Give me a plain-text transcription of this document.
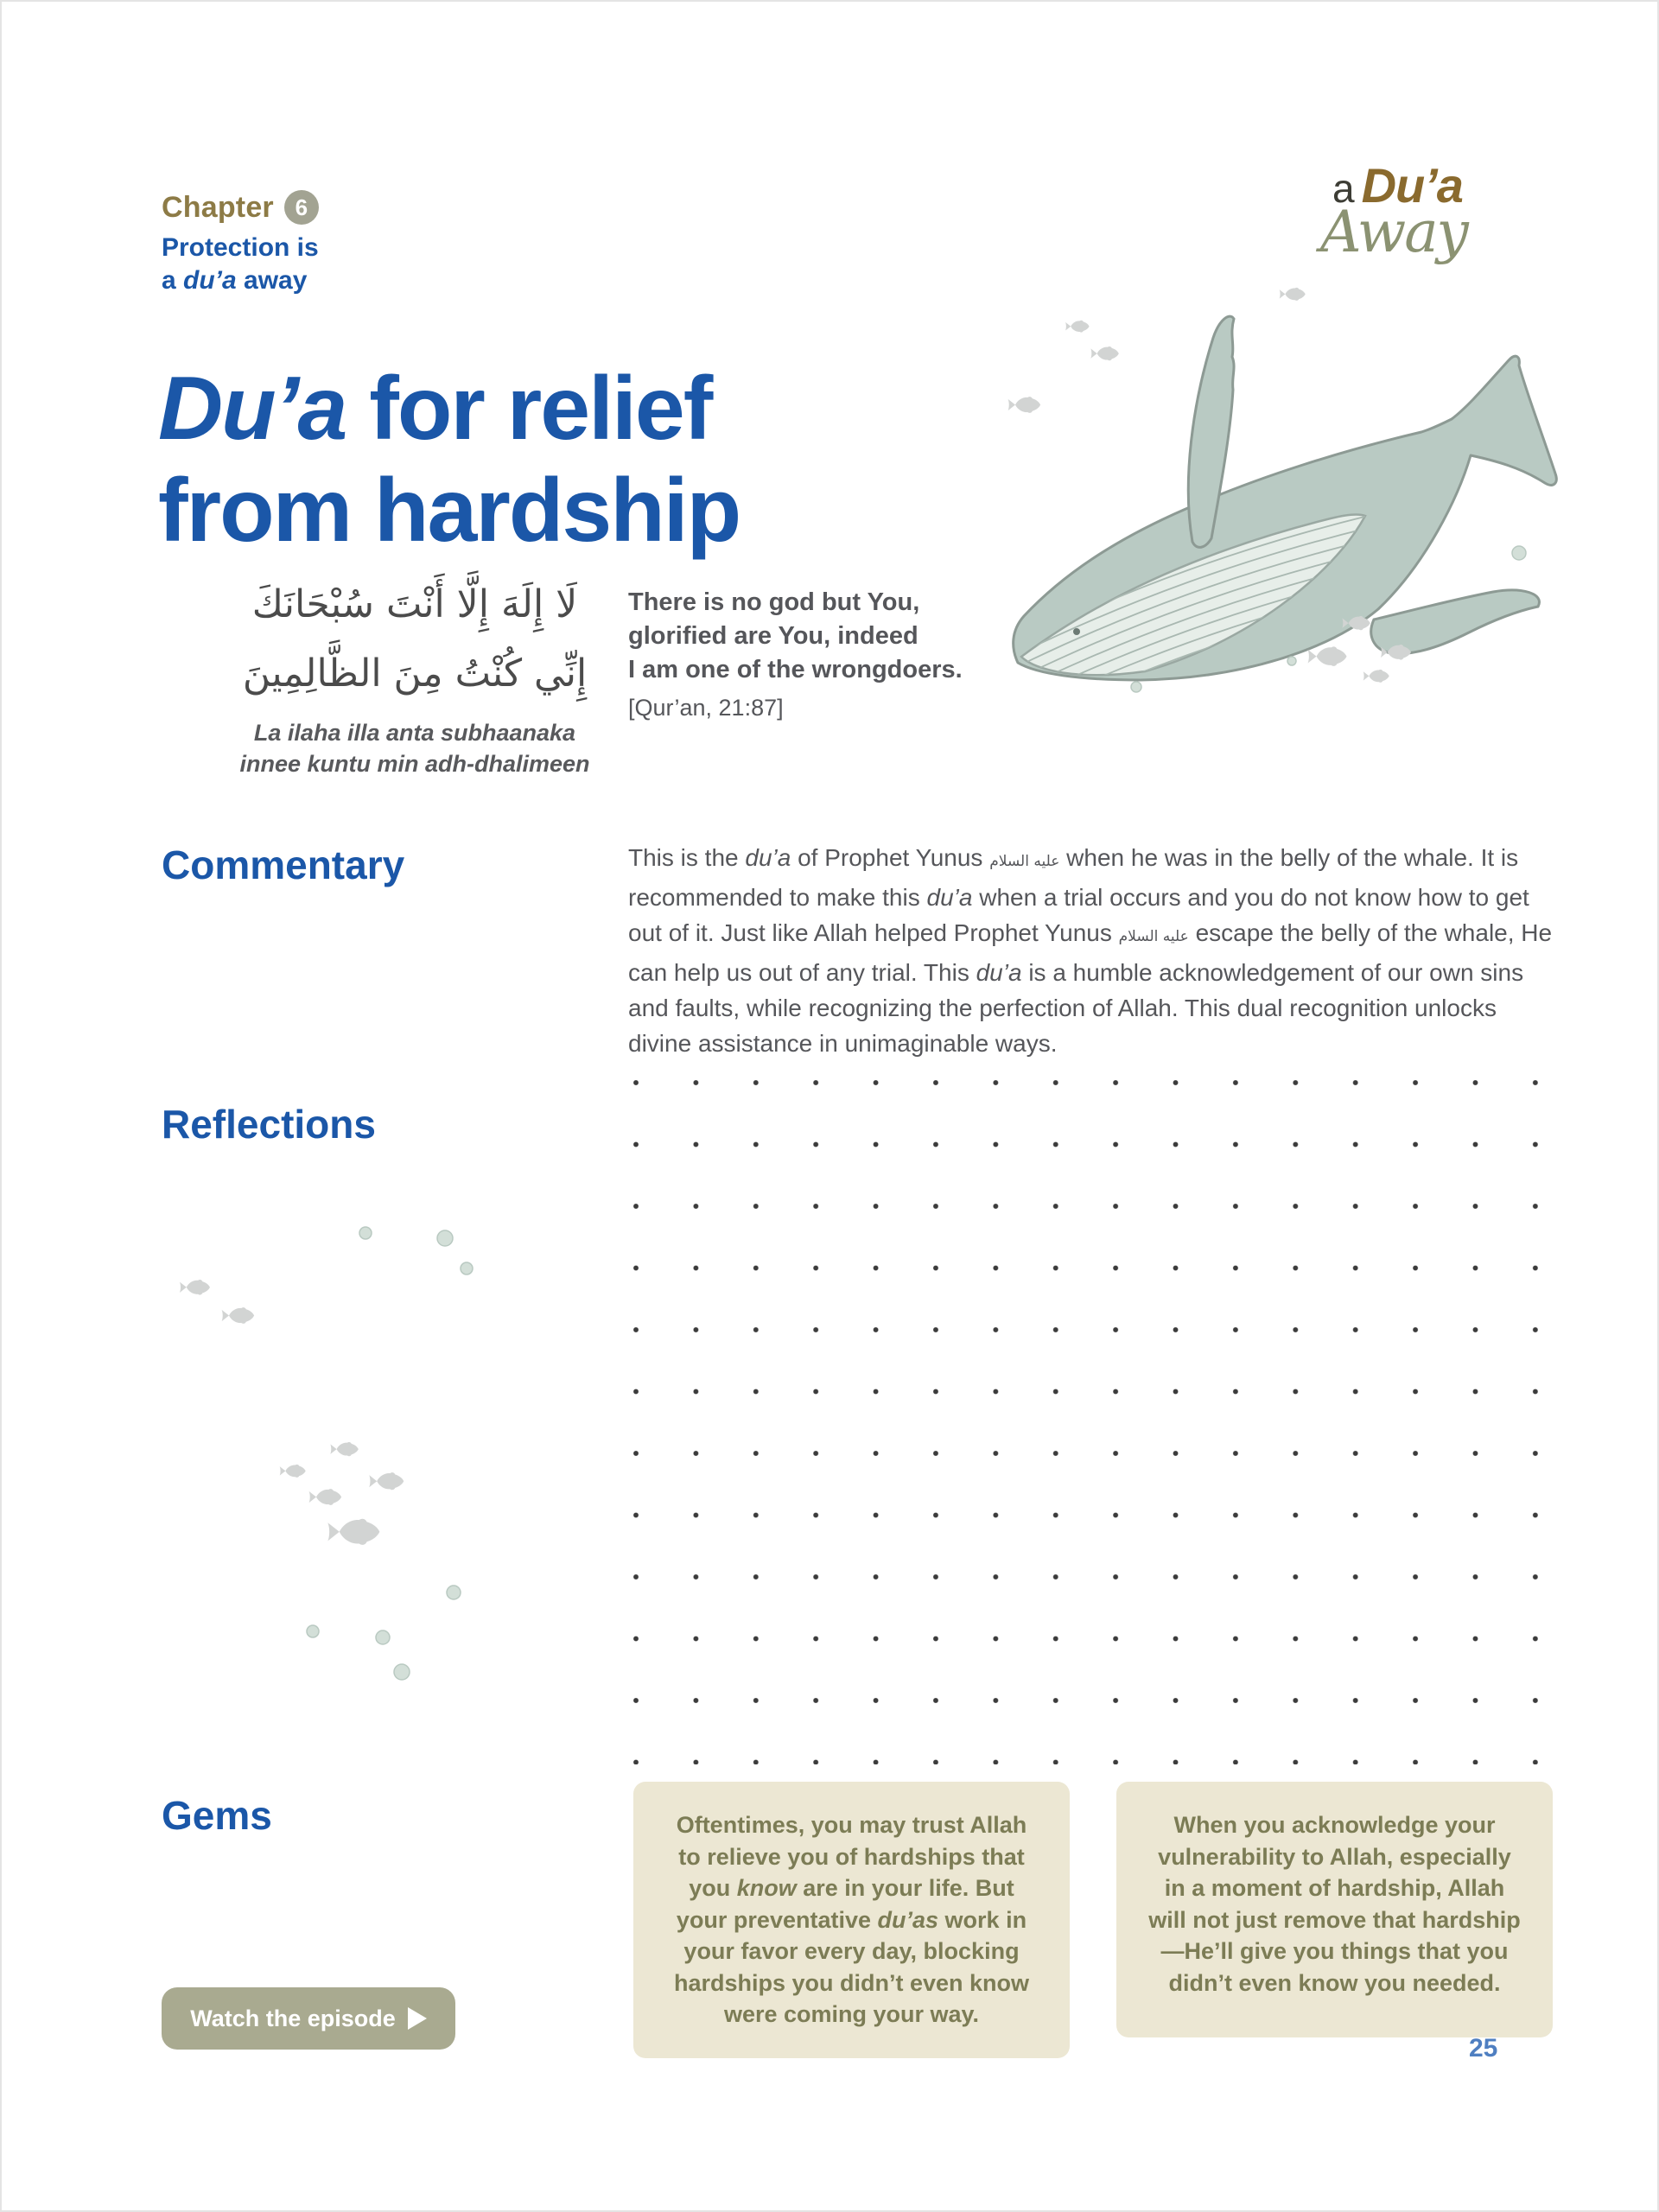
Chapter 6
Protection is
a du’a away
a Du’a
Away
Du’a for relief
from hardship
لَا إِلَهَ إِلَّا أَنْتَ سُبْحَانَكَ
إِنِّي كُنْتُ مِنَ الظَّالِمِينَ
La ilaha illa anta subhaanaka
innee kuntu min adh-dhalimeen
There is no god but You,
glorified are You, indeed
I am one of the wrongdoers.
[Qur’an, 21:87]
Commentary	This is the du’a of Prophet Yunus عليه السلام when he was in the belly of the whale. It is recommended to make this du’a when a trial occurs and you do not know how to get out of it. Just like Allah helped Prophet Yunus عليه السلام escape the belly of the whale, He can help us out of any trial. This du’a is a humble acknowledgement of our own sins and faults, while recognizing the perfection of Allah. This dual recognition unlocks divine assistance in unimaginable ways.

Reflections
Gems	Oftentimes, you may trust Allah to relieve you of hardships that you know are in your life. But your preventative du’as work in your favor every day, blocking hardships you didn’t even know were coming your way.
When you acknowledge your vulnerability to Allah, especially in a moment of hardship, Allah will not just remove that hardship—He’ll give you things that you didn’t even know you needed.
Watch the episode
25
